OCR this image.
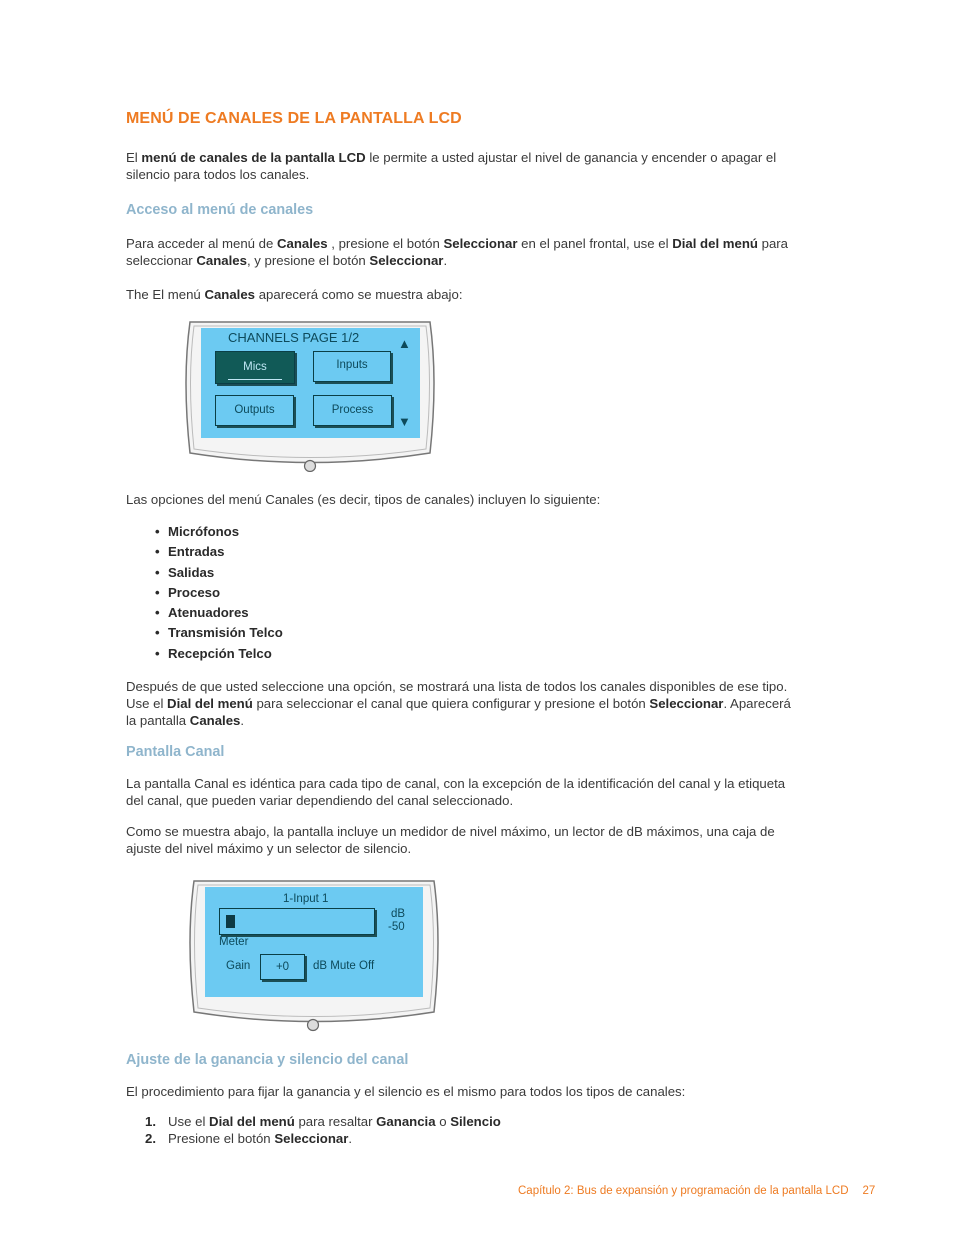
MENÚ DE CANALES DE LA PANTALLA LCD

El menú de canales de la pantalla LCD le permite a usted ajustar el nivel de ganancia y encender o apagar el
silencio para todos los canales.

Acceso al menú de canales

Para acceder al menú de Canales , presione el botón Seleccionar en el panel frontal, use el Dial del menú para
seleccionar Canales, y presione el botón Seleccionar.

The El menú Canales aparecerá como se muestra abajo:

CHANNELS PAGE 1/2	▲
▼
Mics	Inputs
Outputs	Process

Las opciones del menú Canales (es decir, tipos de canales) incluyen lo siguiente:

• Micrófonos
• Entradas
• Salidas
• Proceso
• Atenuadores
• Transmisión Telco
• Recepción Telco

Después de que usted seleccione una opción, se mostrará una lista de todos los canales disponibles de ese tipo.
Use el Dial del menú para seleccionar el canal que quiera configurar y presione el botón Seleccionar. Aparecerá
la pantalla Canales.

Pantalla Canal

La pantalla Canal es idéntica para cada tipo de canal, con la excepción de la identificación del canal y la etiqueta
del canal, que pueden variar dependiendo del canal seleccionado.

Como se muestra abajo, la pantalla incluye un medidor de nivel máximo, un lector de dB máximos, una caja de
ajuste del nivel máximo y un selector de silencio.

1-Input 1
dB
-50
Meter
Gain	+0	dB Mute Off
Ajuste de la ganancia y silencio del canal

El procedimiento para fijar la ganancia y el silencio es el mismo para todos los tipos de canales:

1. Use el Dial del menú para resaltar Ganancia o Silencio
2. Presione el botón Seleccionar.
Capítulo 2: Bus de expansión y programación de la pantalla LCD 27
